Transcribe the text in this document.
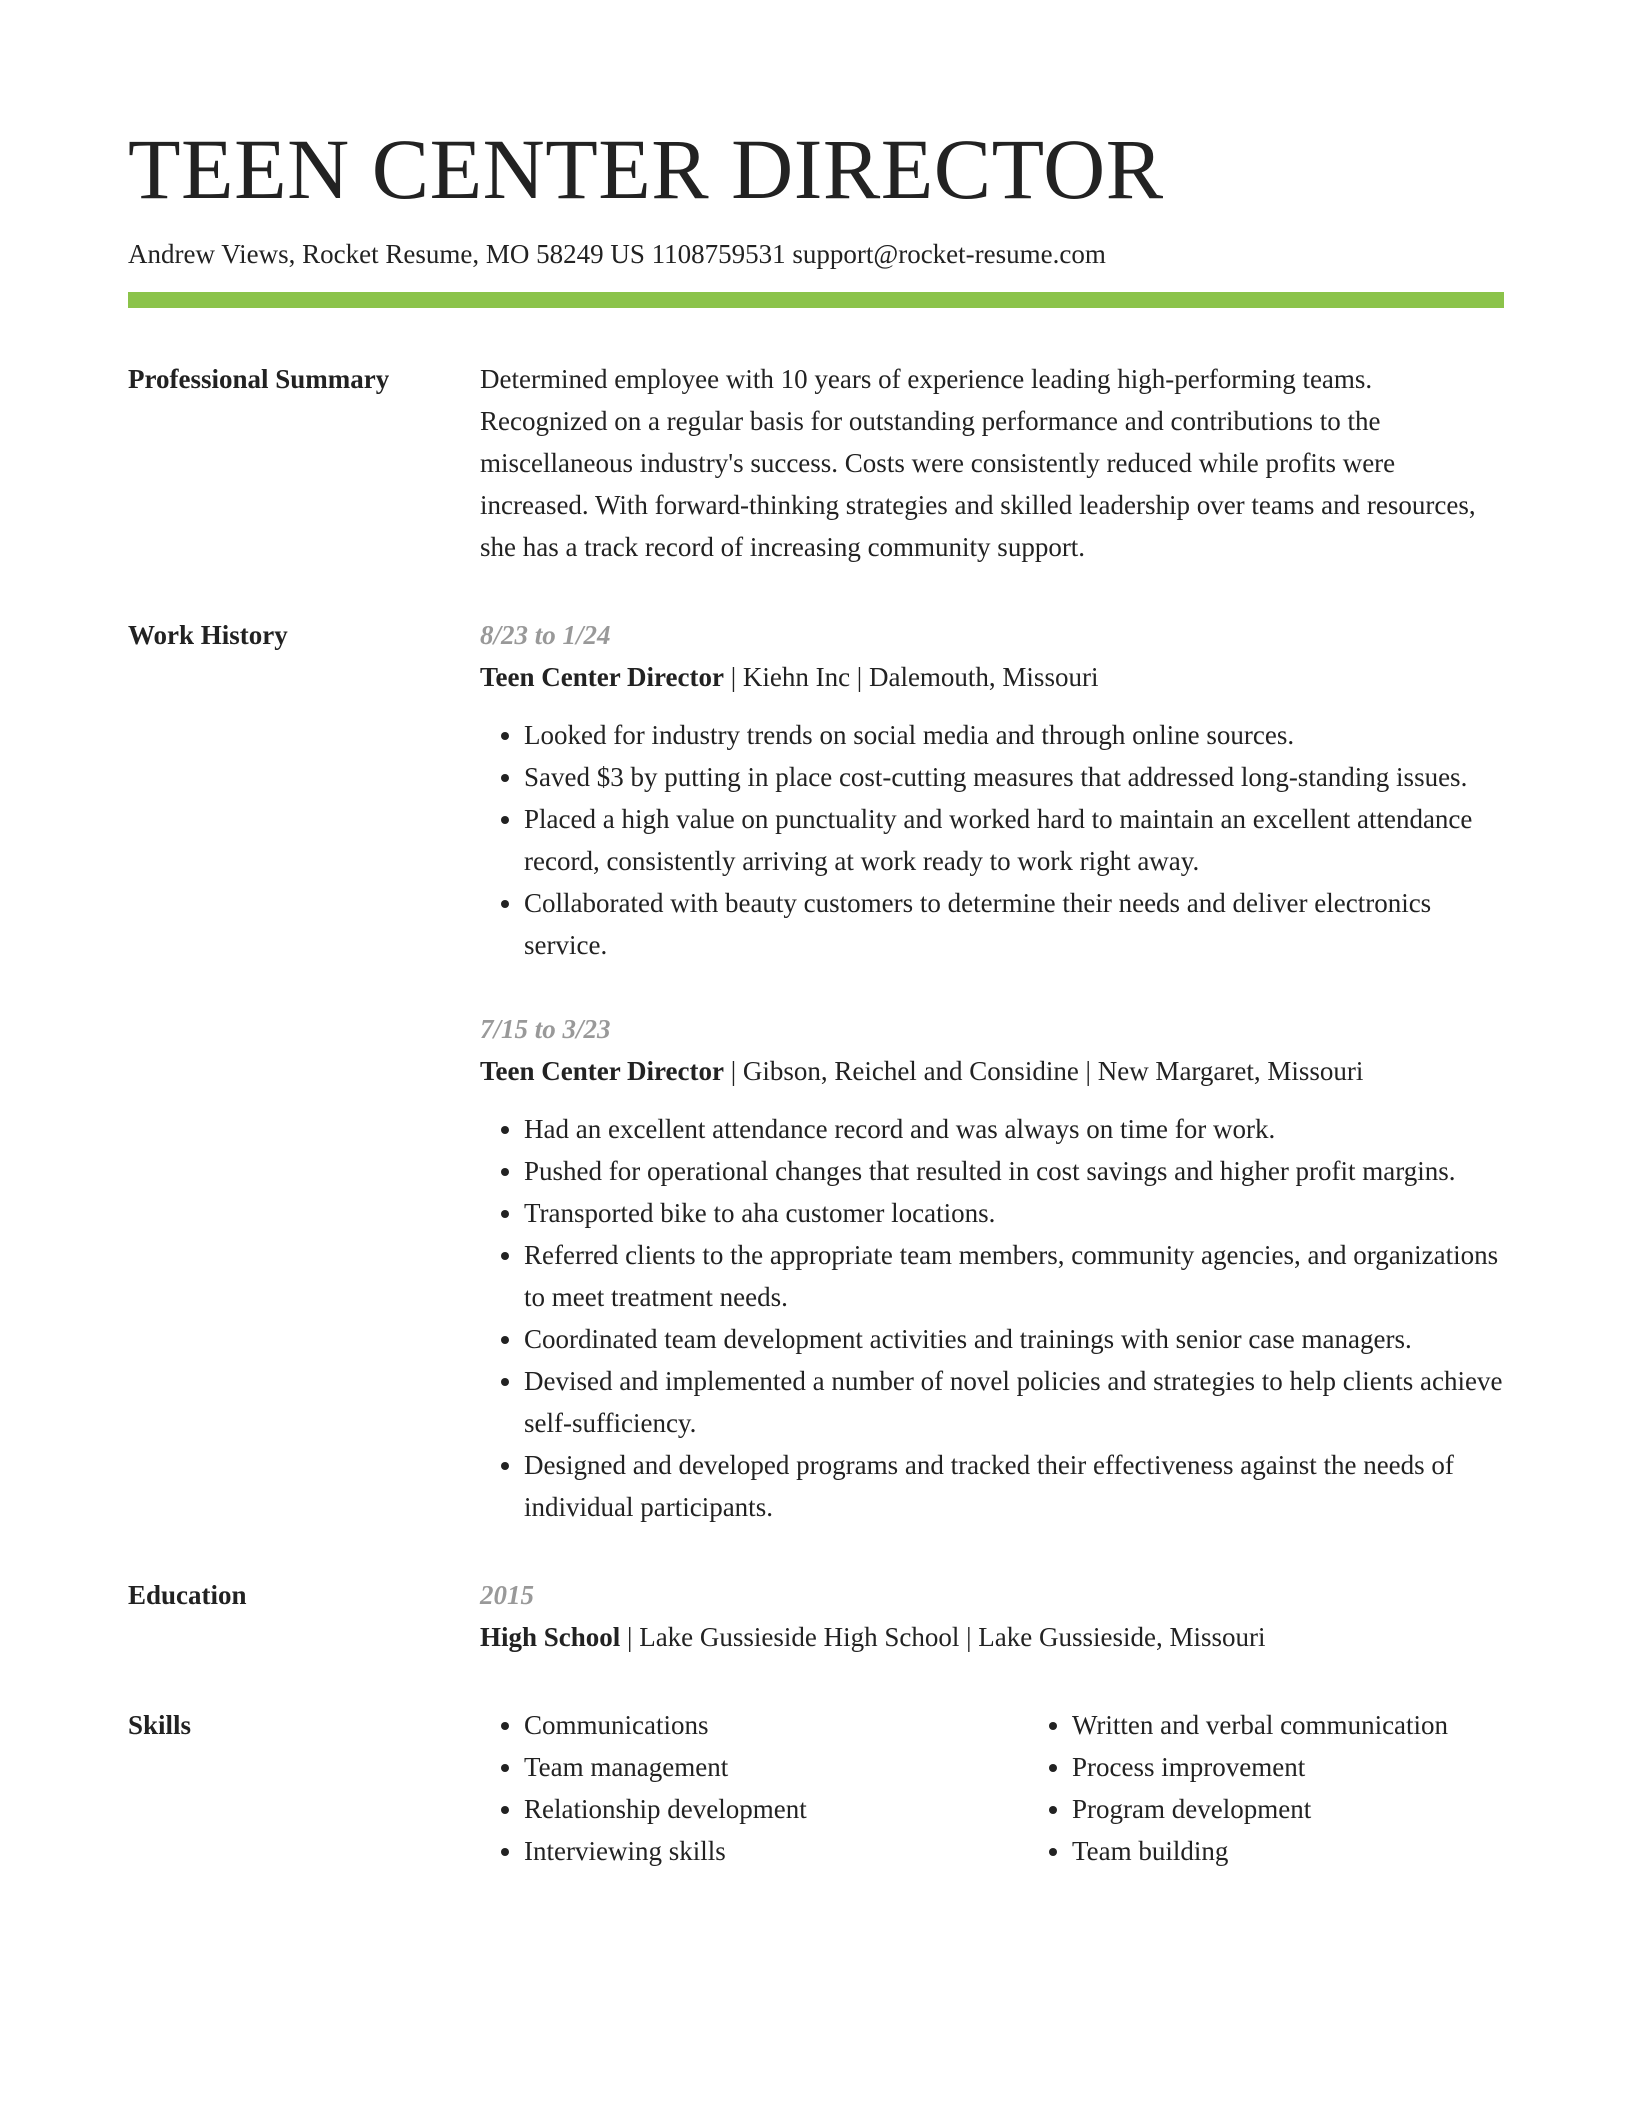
TEEN CENTER DIRECTOR
Andrew Views, Rocket Resume, MO 58249 US 1108759531 support@rocket-resume.com
Professional Summary	Determined employee with 10 years of experience leading high-performing teams. Recognized on a regular basis for outstanding performance and contributions to the miscellaneous industry's success. Costs were consistently reduced while profits were increased. With forward-thinking strategies and skilled leadership over teams and resources, she has a track record of increasing community support.

Work History	8/23 to 1/24
Teen Center Director | Kiehn Inc | Dalemouth, Missouri
• Looked for industry trends on social media and through online sources.
• Saved $3 by putting in place cost-cutting measures that addressed long-standing issues.
• Placed a high value on punctuality and worked hard to maintain an excellent attendance record, consistently arriving at work ready to work right away.
• Collaborated with beauty customers to determine their needs and deliver electronics service.
7/15 to 3/23
Teen Center Director | Gibson, Reichel and Considine | New Margaret, Missouri
• Had an excellent attendance record and was always on time for work.
• Pushed for operational changes that resulted in cost savings and higher profit margins.
• Transported bike to aha customer locations.
• Referred clients to the appropriate team members, community agencies, and organizations to meet treatment needs.
• Coordinated team development activities and trainings with senior case managers.
• Devised and implemented a number of novel policies and strategies to help clients achieve self-sufficiency.
• Designed and developed programs and tracked their effectiveness against the needs of individual participants.
Education	2015
High School | Lake Gussieside High School | Lake Gussieside, Missouri
Skills
•	Communications
• Team management
• Relationship development
• Interviewing skills
• Written and verbal communication
• Process improvement
• Program development
• Team building
